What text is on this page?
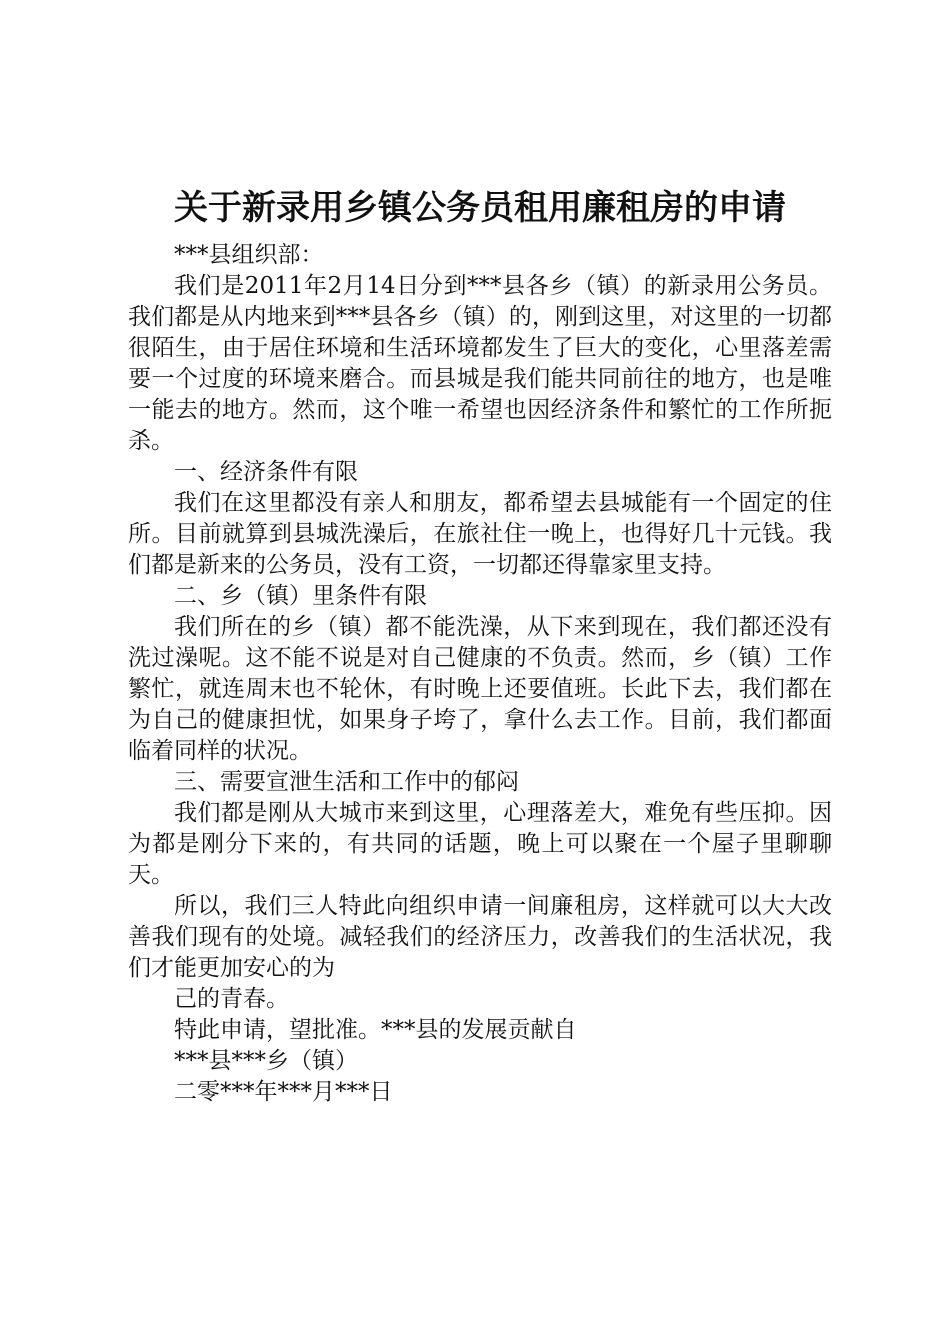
关于新录用乡镇公务员租用廉租房的申请

***县组织部：

我们是2011年2月14日分到***县各乡（镇）的新录用公务员。我们都是从内地来到***县各乡（镇）的，刚到这里，对这里的一切都很陌生，由于居住环境和生活环境都发生了巨大的变化，心里落差需要一个过度的环境来磨合。而县城是我们能共同前往的地方，也是唯一能去的地方。然而，这个唯一希望也因经济条件和繁忙的工作所扼杀。

一、经济条件有限

我们在这里都没有亲人和朋友，都希望去县城能有一个固定的住所。目前就算到县城洗澡后，在旅社住一晚上，也得好几十元钱。我们都是新来的公务员，没有工资，一切都还得靠家里支持。

二、乡（镇）里条件有限

我们所在的乡（镇）都不能洗澡，从下来到现在，我们都还没有洗过澡呢。这不能不说是对自己健康的不负责。然而，乡（镇）工作繁忙，就连周末也不轮休，有时晚上还要值班。长此下去，我们都在为自己的健康担忧，如果身子垮了，拿什么去工作。目前，我们都面临着同样的状况。

三、需要宣泄生活和工作中的郁闷

我们都是刚从大城市来到这里，心理落差大，难免有些压抑。因为都是刚分下来的，有共同的话题，晚上可以聚在一个屋子里聊聊天。

所以，我们三人特此向组织申请一间廉租房，这样就可以大大改善我们现有的处境。减轻我们的经济压力，改善我们的生活状况，我们才能更加安心的为

己的青春。

特此申请，望批准。***县的发展贡献自

***县***乡（镇）

二零***年***月***日
